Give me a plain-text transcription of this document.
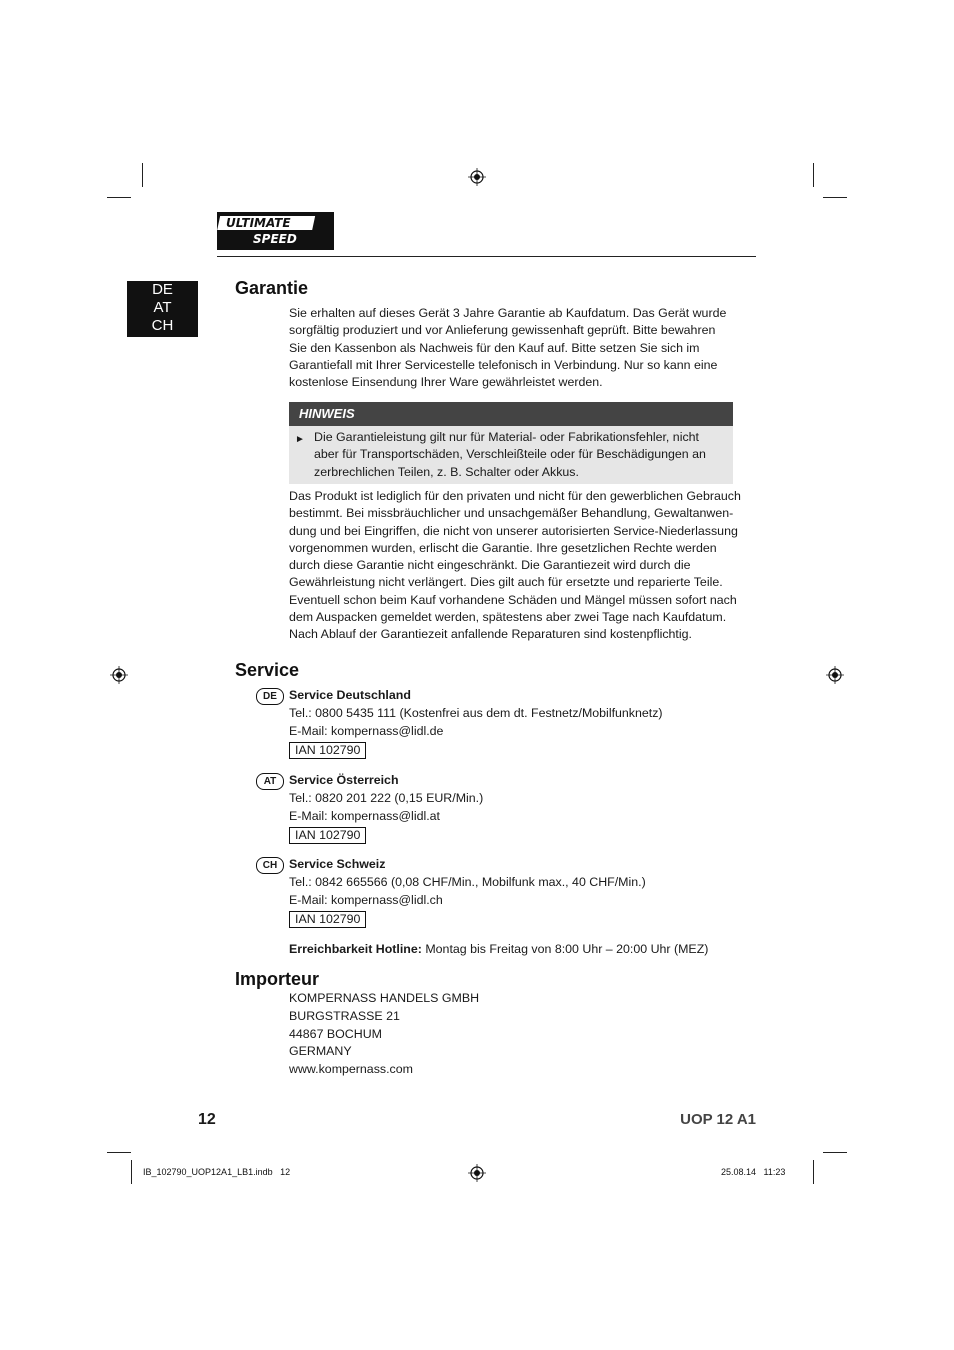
ULTIMATE
SPEED
DE
AT
CH
Garantie

Sie erhalten auf dieses Gerät 3 Jahre Garantie ab Kaufdatum. Das Gerät wurde

sorgfältig produziert und vor Anlieferung gewissenhaft geprüft. Bitte bewahren

Sie den Kassenbon als Nachweis für den Kauf auf. Bitte setzen Sie sich im

Garantiefall mit Ihrer Servicestelle telefonisch in Verbindung. Nur so kann eine

kostenlose Einsendung Ihrer Ware gewährleistet werden.

HINWEIS
► Die Garantieleistung gilt nur für Material- oder Fabrikationsfehler, nicht
aber für Transportschäden, Verschleißteile oder für Beschädigungen an
zerbrechlichen Teilen, z. B. Schalter oder Akkus.

Das Produkt ist lediglich für den privaten und nicht für den gewerblichen Gebrauch

bestimmt. Bei missbräuchlicher und unsachgemäßer Behandlung, Gewaltanwen-

dung und bei Eingriffen, die nicht von unserer autorisierten Service-Niederlassung

vorgenommen wurden, erlischt die Garantie. Ihre gesetzlichen Rechte werden

durch diese Garantie nicht eingeschränkt. Die Garantiezeit wird durch die

Gewährleistung nicht verlängert. Dies gilt auch für ersetzte und reparierte Teile.

Eventuell schon beim Kauf vorhandene Schäden und Mängel müssen sofort nach

dem Auspacken gemeldet werden, spätestens aber zwei Tage nach Kaufdatum.

Nach Ablauf der Garantiezeit anfallende Reparaturen sind kostenpflichtig.

Service
DE Service Deutschland
Tel.: 0800 5435 111 (Kostenfrei aus dem dt. Festnetz/Mobilfunknetz)
E-Mail: kompernass@lidl.de
IAN 102790
AT	Service Österreich
Tel.: 0820 201 222 (0,15 EUR/Min.)
E-Mail: kompernass@lidl.at
IAN 102790
CH Service Schweiz
Tel.: 0842 665566 (0,08 CHF/Min., Mobilfunk max., 40 CHF/Min.)
E-Mail: kompernass@lidl.ch
IAN 102790
Erreichbarkeit Hotline: Montag bis Freitag von 8:00 Uhr – 20:00 Uhr (MEZ)
Importeur
KOMPERNASS HANDELS GMBH
BURGSTRASSE 21
44867 BOCHUM
GERMANY
www.kompernass.com
12	UOP 12 A1
IB_102790_UOP12A1_LB1.indb   12	25.08.14   11:23
